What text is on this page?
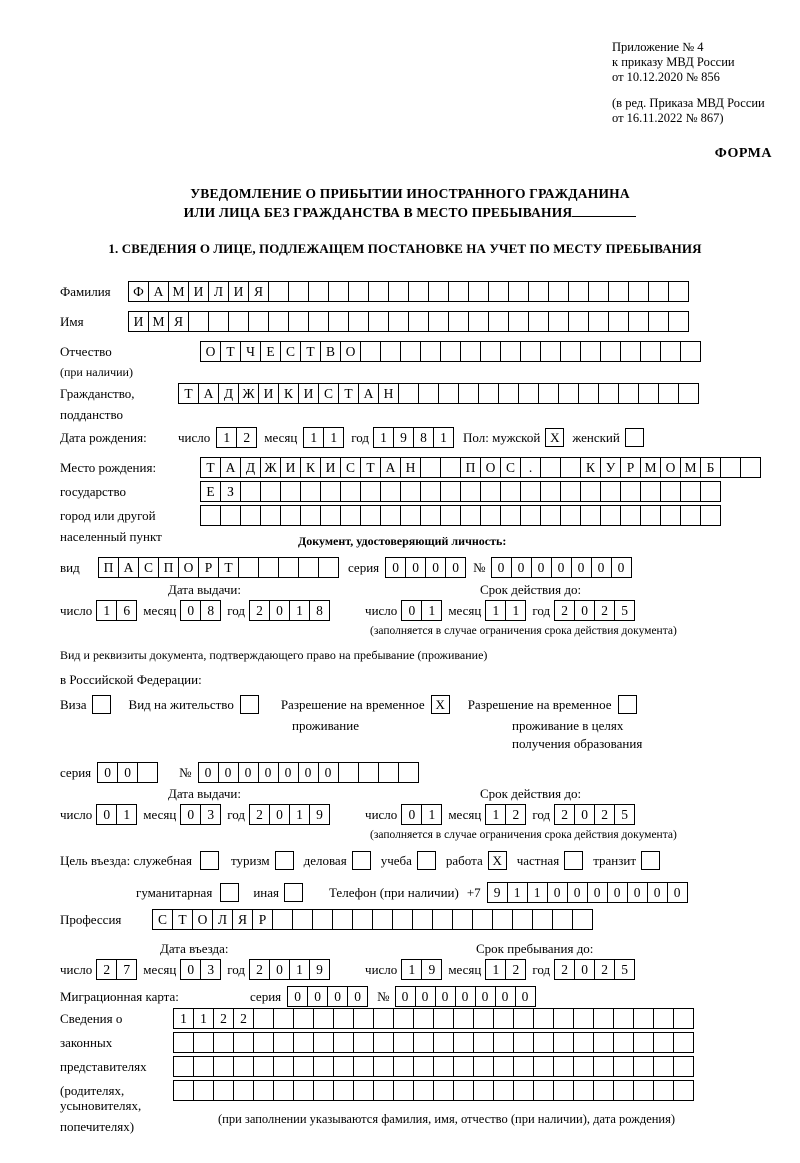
Приложение № 4
к приказу МВД России
от 10.12.2020 № 856
(в ред. Приказа МВД России
от 16.11.2022 № 867)
ФОРМА
УВЕДОМЛЕНИЕ О ПРИБЫТИИ ИНОСТРАННОГО ГРАЖДАНИНА
ИЛИ ЛИЦА БЕЗ ГРАЖДАНСТВА В МЕСТО ПРЕБЫВАНИЯ
1. СВЕДЕНИЯ О ЛИЦЕ, ПОДЛЕЖАЩЕМ ПОСТАНОВКЕ НА УЧЕТ ПО МЕСТУ ПРЕБЫВАНИЯ
Фамилия	Ф А М И Л И Я
Имя	И М Я
Отчество	О Т Ч Е С Т В О
(при наличии)
Гражданство,	Т А Д Ж И К И С Т А Н
подданство
Дата рождения:	число 1 2	месяц 1 1	год 1 9 8 1	Пол: мужской X женский
Место рождения:	Т А Д Ж И К И С Т А Н	П О С	.	К У Р М О М Б
государство	Е З
город или другой
населенный пункт	Документ, удостоверяющий личность:
вид	П А С П О Р Т	серия 0 0 0 0	№ 0 0 0 0 0 0 0
Дата выдачи:	Срок действия до:
число 1 6	месяц 0 8	год 2 0 1 8	число 0 1	месяц 1 1	год 2 0 2 5
(заполняется в случае ограничения срока действия документа)
Вид и реквизиты документа, подтверждающего право на пребывание (проживание)
в Российской Федерации:
Виза	Вид на жительство	Разрешение на временное X	Разрешение на временное
проживание	проживание в целях
получения образования
серия 0 0	№ 0 0 0 0 0 0 0
Дата выдачи:	Срок действия до:
число 0 1	месяц 0 3	год 2 0 1 9	число 0 1	месяц 1 2	год 2 0 2 5
(заполняется в случае ограничения срока действия документа)
Цель въезда: служебная	туризм	деловая	учеба	работа X	частная	транзит
гуманитарная	иная	Телефон (при наличии) +7 9 1 1 0 0 0 0 0 0 0
Профессия	С Т О Л Я Р
Дата въезда:	Срок пребывания до:
число 2 7	месяц 0 3	год 2 0 1 9	число 1 9	месяц 1 2	год 2 0 2 5
Миграционная карта:	серия 0 0 0 0	№ 0 0 0 0 0 0 0
Сведения о	1 1 2 2
законных
представителях
(родителях,
усыновителях,
попечителях)	(при заполнении указываются фамилия, имя, отчество (при наличии), дата рождения)
